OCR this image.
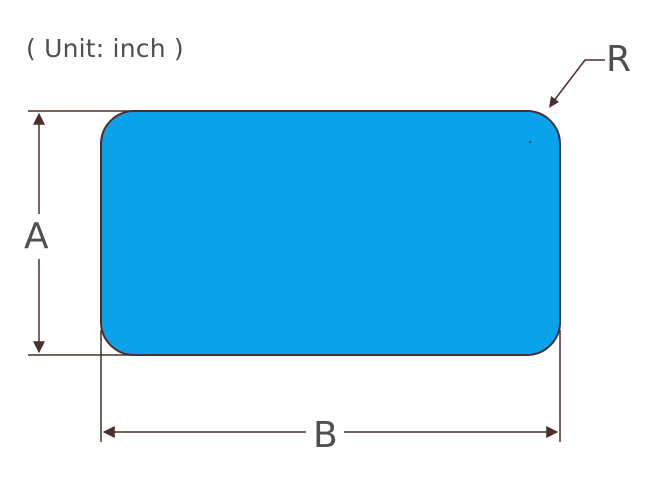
( Unit: inch )
A
B
R
